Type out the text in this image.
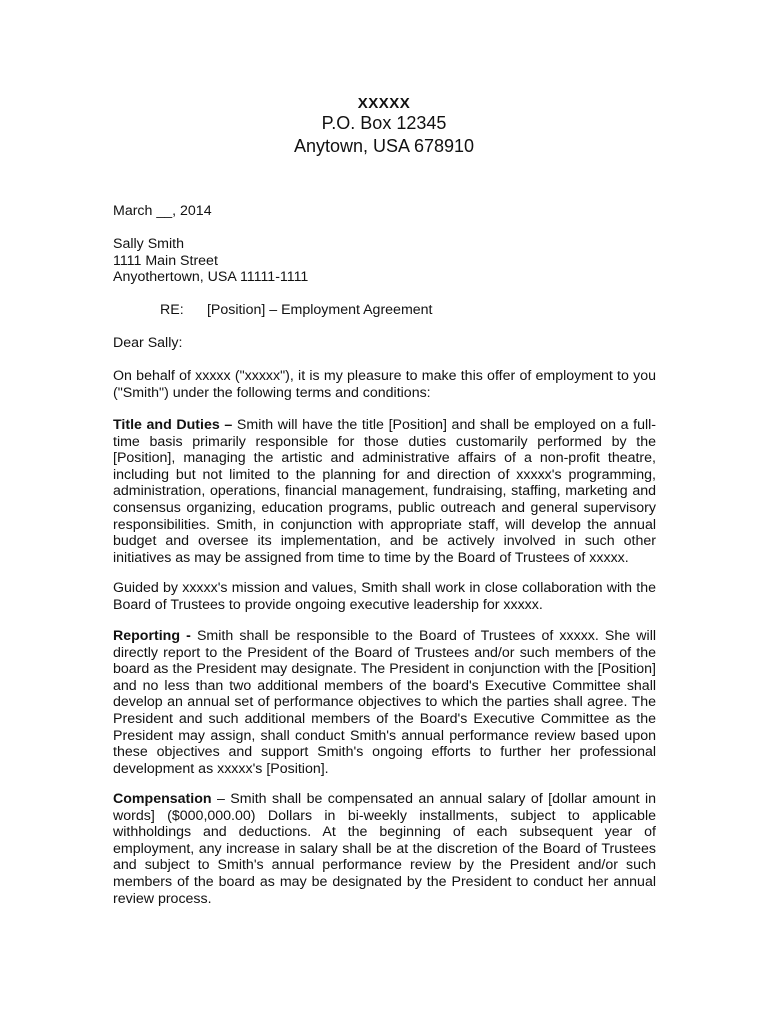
XXXXX
P.O. Box 12345
Anytown, USA 678910
March __, 2014
Sally Smith
1111 Main Street
Anyothertown, USA 11111-1111
RE: [Position] – Employment Agreement
Dear Sally:
On behalf of xxxxx ("xxxxx"), it is my pleasure to make this offer of employment to you ("Smith") under the following terms and conditions:
Title and Duties – Smith will have the title [Position] and shall be employed on a full-time basis primarily responsible for those duties customarily performed by the [Position], managing the artistic and administrative affairs of a non-profit theatre, including but not limited to the planning for and direction of xxxxx's programming, administration, operations, financial management, fundraising, staffing, marketing and consensus organizing, education programs, public outreach and general supervisory responsibilities. Smith, in conjunction with appropriate staff, will develop the annual budget and oversee its implementation, and be actively involved in such other initiatives as may be assigned from time to time by the Board of Trustees of xxxxx.
Guided by xxxxx's mission and values, Smith shall work in close collaboration with the Board of Trustees to provide ongoing executive leadership for xxxxx.
Reporting - Smith shall be responsible to the Board of Trustees of xxxxx. She will directly report to the President of the Board of Trustees and/or such members of the board as the President may designate. The President in conjunction with the [Position] and no less than two additional members of the board's Executive Committee shall develop an annual set of performance objectives to which the parties shall agree. The President and such additional members of the Board's Executive Committee as the President may assign, shall conduct Smith's annual performance review based upon these objectives and support Smith's ongoing efforts to further her professional development as xxxxx's [Position].
Compensation – Smith shall be compensated an annual salary of [dollar amount in words] ($000,000.00) Dollars in bi-weekly installments, subject to applicable withholdings and deductions. At the beginning of each subsequent year of employment, any increase in salary shall be at the discretion of the Board of Trustees and subject to Smith's annual performance review by the President and/or such members of the board as may be designated by the President to conduct her annual review process.
